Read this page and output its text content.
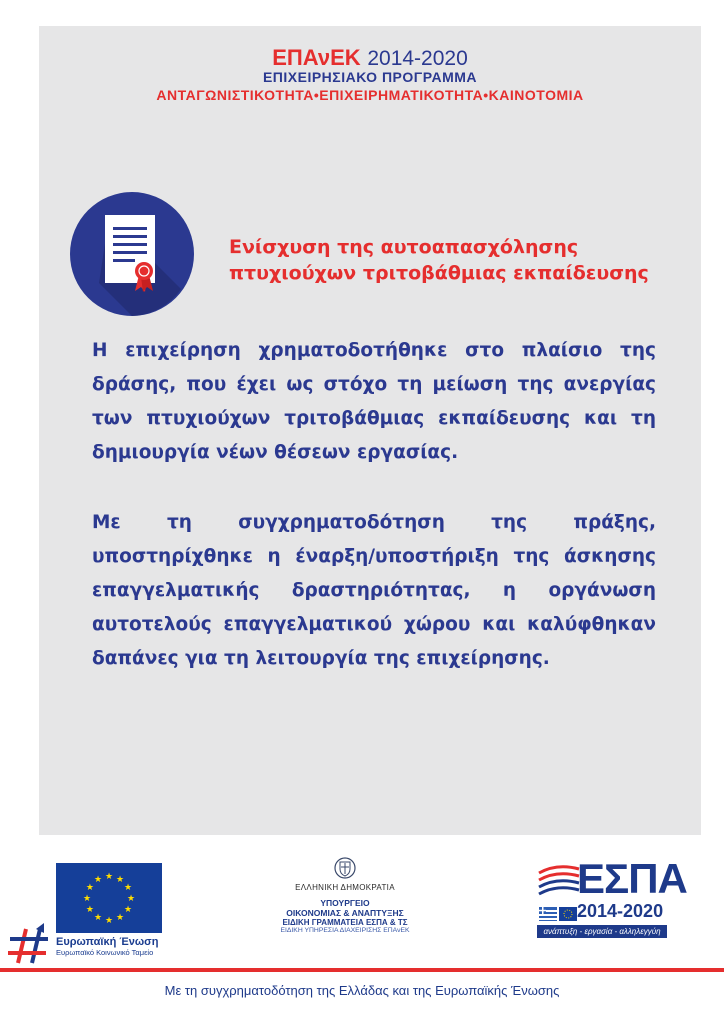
ΕΠΑνΕΚ 2014-2020
ΕΠΙΧΕΙΡΗΣΙΑΚΟ ΠΡΟΓΡΑΜΜΑ
ΑΝΤΑΓΩΝΙΣΤΙΚΟΤΗΤΑ•ΕΠΙΧΕΙΡΗΜΑΤΙΚΟΤΗΤΑ•ΚΑΙΝΟΤΟΜΙΑ
Ενίσχυση της αυτοαπασχόλησης
πτυχιούχων τριτοβάθμιας εκπαίδευσης
Η επιχείρηση χρηματοδοτήθηκε στο πλαίσιο της δράσης, που έχει ως στόχο τη μείωση της ανεργίας των πτυχιούχων τριτοβάθμιας εκπαίδευσης και τη δημιουργία νέων θέσεων εργασίας.
Με τη συγχρηματοδότηση της πράξης, υποστηρίχθηκε η έναρξη/υποστήριξη της άσκησης επαγγελματικής δραστηριότητας, η οργάνωση αυτοτελούς επαγγελματικού χώρου και καλύφθηκαν δαπάνες για τη λειτουργία της επιχείρησης.
★ ★
★
★
★
★
★
★
★
★
★
★
Ευρωπαϊκή Ένωση
Ευρωπαϊκό Κοινωνικό Ταμείο
ΕΛΛΗΝΙΚΗ ΔΗΜΟΚΡΑΤΙΑ
ΥΠΟΥΡΓΕΙΟ
ΟΙΚΟΝΟΜΙΑΣ & ΑΝΑΠΤΥΞΗΣ
ΕΙΔΙΚΗ ΓΡΑΜΜΑΤΕΙΑ ΕΣΠΑ & ΤΣ
ΕΙΔΙΚΗ ΥΠΗΡΕΣΙΑ ΔΙΑΧΕΙΡΙΣΗΣ ΕΠΑνΕΚ
ΕΣΠΑ
2014-2020
ανάπτυξη - εργασία - αλληλεγγύη
Με τη συγχρηματοδότηση της Ελλάδας και της Ευρωπαϊκής Ένωσης
